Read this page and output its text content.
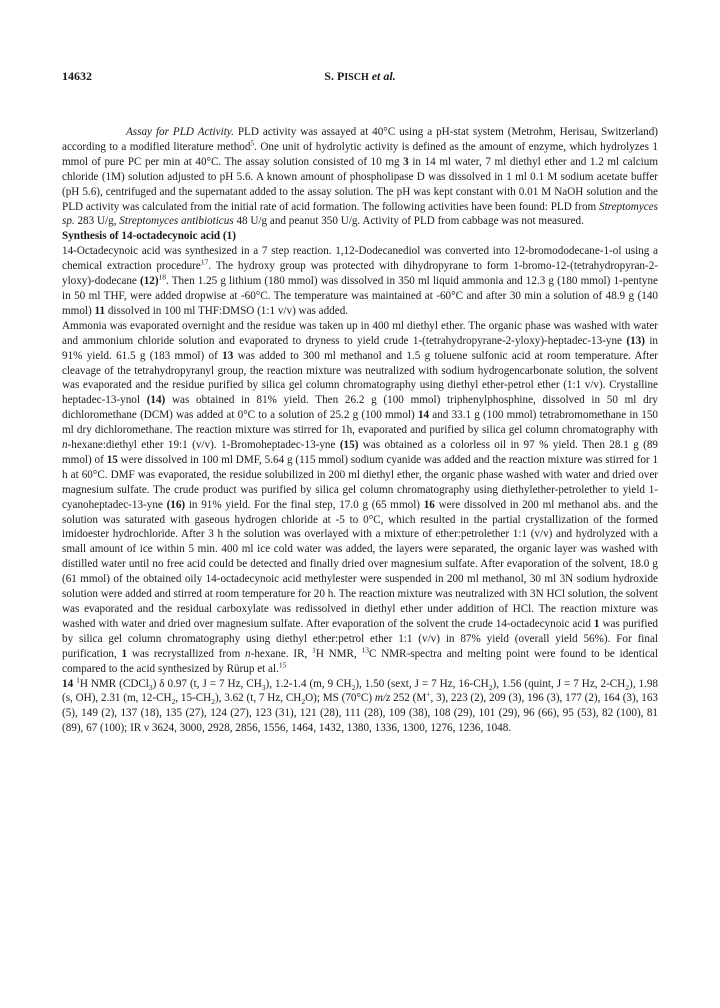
14632	S. PISCH et al.

Assay for PLD Activity. PLD activity was assayed at 40°C using a pH-stat system (Metrohm, Herisau, Switzerland) according to a modified literature method$^5$. One unit of hydrolytic activity is defined as the amount of enzyme, which hydrolyzes 1 mmol of pure PC per min at 40°C. The assay solution consisted of 10 mg 3 in 14 ml water, 7 ml diethyl ether and 1.2 ml calcium chloride (1M) solution adjusted to pH 5.6. A known amount of phospholipase D was dissolved in 1 ml 0.1 M sodium acetate buffer (pH 5.6), centrifuged and the supernatant added to the assay solution. The pH was kept constant with 0.01 M NaOH solution and the PLD activity was calculated from the initial rate of acid formation. The following activities have been found: PLD from Streptomyces sp. 283 U/g, Streptomyces antibioticus 48 U/g and peanut 350 U/g. Activity of PLD from cabbage was not measured.

Synthesis of 14-octadecynoic acid (1)

14-Octadecynoic acid was synthesized in a 7 step reaction. 1,12-Dodecanediol was converted into 12-bromododecane-1-ol using a chemical extraction procedure$^{17}$. The hydroxy group was protected with dihydropyrane to form 1-bromo-12-(tetrahydropyran-2-yloxy)-dodecane $(12)^{18}$. Then 1.25 g lithium (180 mmol) was dissolved in 350 ml liquid ammonia and 12.3 g (180 mmol) 1-pentyne in 50 ml THF, were added dropwise at -60°C. The temperature was maintained at -60°C and after 30 min a solution of 48.9 g (140 mmol) 11 dissolved in 100 ml THF:DMSO (1:1 v/v) was added.

Ammonia was evaporated overnight and the residue was taken up in 400 ml diethyl ether. The organic phase was washed with water and ammonium chloride solution and evaporated to dryness to yield crude 1-(tetrahydropyrane-2-yloxy)-heptadec-13-yne (13) in 91% yield. 61.5 g (183 mmol) of 13 was added to 300 ml methanol and 1.5 g toluene sulfonic acid at room temperature. After cleavage of the tetrahydropyranyl group, the reaction mixture was neutralized with sodium hydrogencarbonate solution, the solvent was evaporated and the residue purified by silica gel column chromatography using diethyl ether-petrol ether (1:1 v/v). Crystalline heptadec-13-ynol (14) was obtained in 81% yield. Then 26.2 g (100 mmol) triphenylphosphine, dissolved in 50 ml dry dichloromethane (DCM) was added at 0°C to a solution of 25.2 g (100 mmol) 14 and 33.1 g (100 mmol) tetrabromomethane in 150 ml dry dichloromethane. The reaction mixture was stirred for 1h, evaporated and purified by silica gel column chromatography with n-hexane:diethyl ether 19:1 (v/v). 1-Bromoheptadec-13-yne (15) was obtained as a colorless oil in 97 % yield. Then 28.1 g (89 mmol) of 15 were dissolved in 100 ml DMF, 5.64 g (115 mmol) sodium cyanide was added and the reaction mixture was stirred for 1 h at 60°C. DMF was evaporated, the residue solubilized in 200 ml diethyl ether, the organic phase washed with water and dried over magnesium sulfate. The crude product was purified by silica gel column chromatography using diethylether-petrolether to yield 1-cyanoheptadec-13-yne (16) in 91% yield. For the final step, 17.0 g (65 mmol) 16 were dissolved in 200 ml methanol abs. and the solution was saturated with gaseous hydrogen chloride at -5 to 0°C, which resulted in the partial crystallization of the formed imidoester hydrochloride. After 3 h the solution was overlayed with a mixture of ether:petrolether 1:1 (v/v) and hydrolyzed with a small amount of ice within 5 min. 400 ml ice cold water was added, the layers were separated, the organic layer was washed with distilled water until no free acid could be detected and finally dried over magnesium sulfate. After evaporation of the solvent, 18.0 g (61 mmol) of the obtained oily 14-octadecynoic acid methylester were suspended in 200 ml methanol, 30 ml 3N sodium hydroxide solution were added and stirred at room temperature for 20 h. The reaction mixture was neutralized with 3N HCl solution, the solvent was evaporated and the residual carboxylate was redissolved in diethyl ether under addition of HCl. The reaction mixture was washed with water and dried over magnesium sulfate. After evaporation of the solvent the crude 14-octadecynoic acid 1 was purified by silica gel column chromatography using diethyl ether:petrol ether 1:1 (v/v) in 87% yield (overall yield 56%). For final purification, 1 was recrystallized from n-hexane. IR, $^1$H NMR, $^{13}$C NMR-spectra and melting point were found to be identical compared to the acid synthesized by Rürup et al.$^{15}$

14 $^1$H NMR (CDCl$_3$) δ 0.97 (t, J = 7 Hz, $CH_3$), 1.2-1.4 (m, 9 $CH_2$), 1.50 (sext, J = 7 Hz, $16-CH_2$), 1.56 (quint, J = 7 Hz, $2-CH_2$), 1.98 (s, OH), 2.31 (m, $12-CH_2$, $15-CH_2$), 3.62 (t, 7 Hz, $CH_2O$); MS (70°C) m/z 252 (M+, 3), 223 (2), 209 (3), 196 (3), 177 (2), 164 (3), 163 (5), 149 (2), 137 (18), 135 (27), 124 (27), 123 (31), 121 (28), 111 (28), 109 (38), 108 (29), 101 (29), 96 (66), 95 (53), 82 (100), 81 (89), 67 (100); IR ν 3624, 3000, 2928, 2856, 1556, 1464, 1432, 1380, 1336, 1300, 1276, 1236, 1048.
